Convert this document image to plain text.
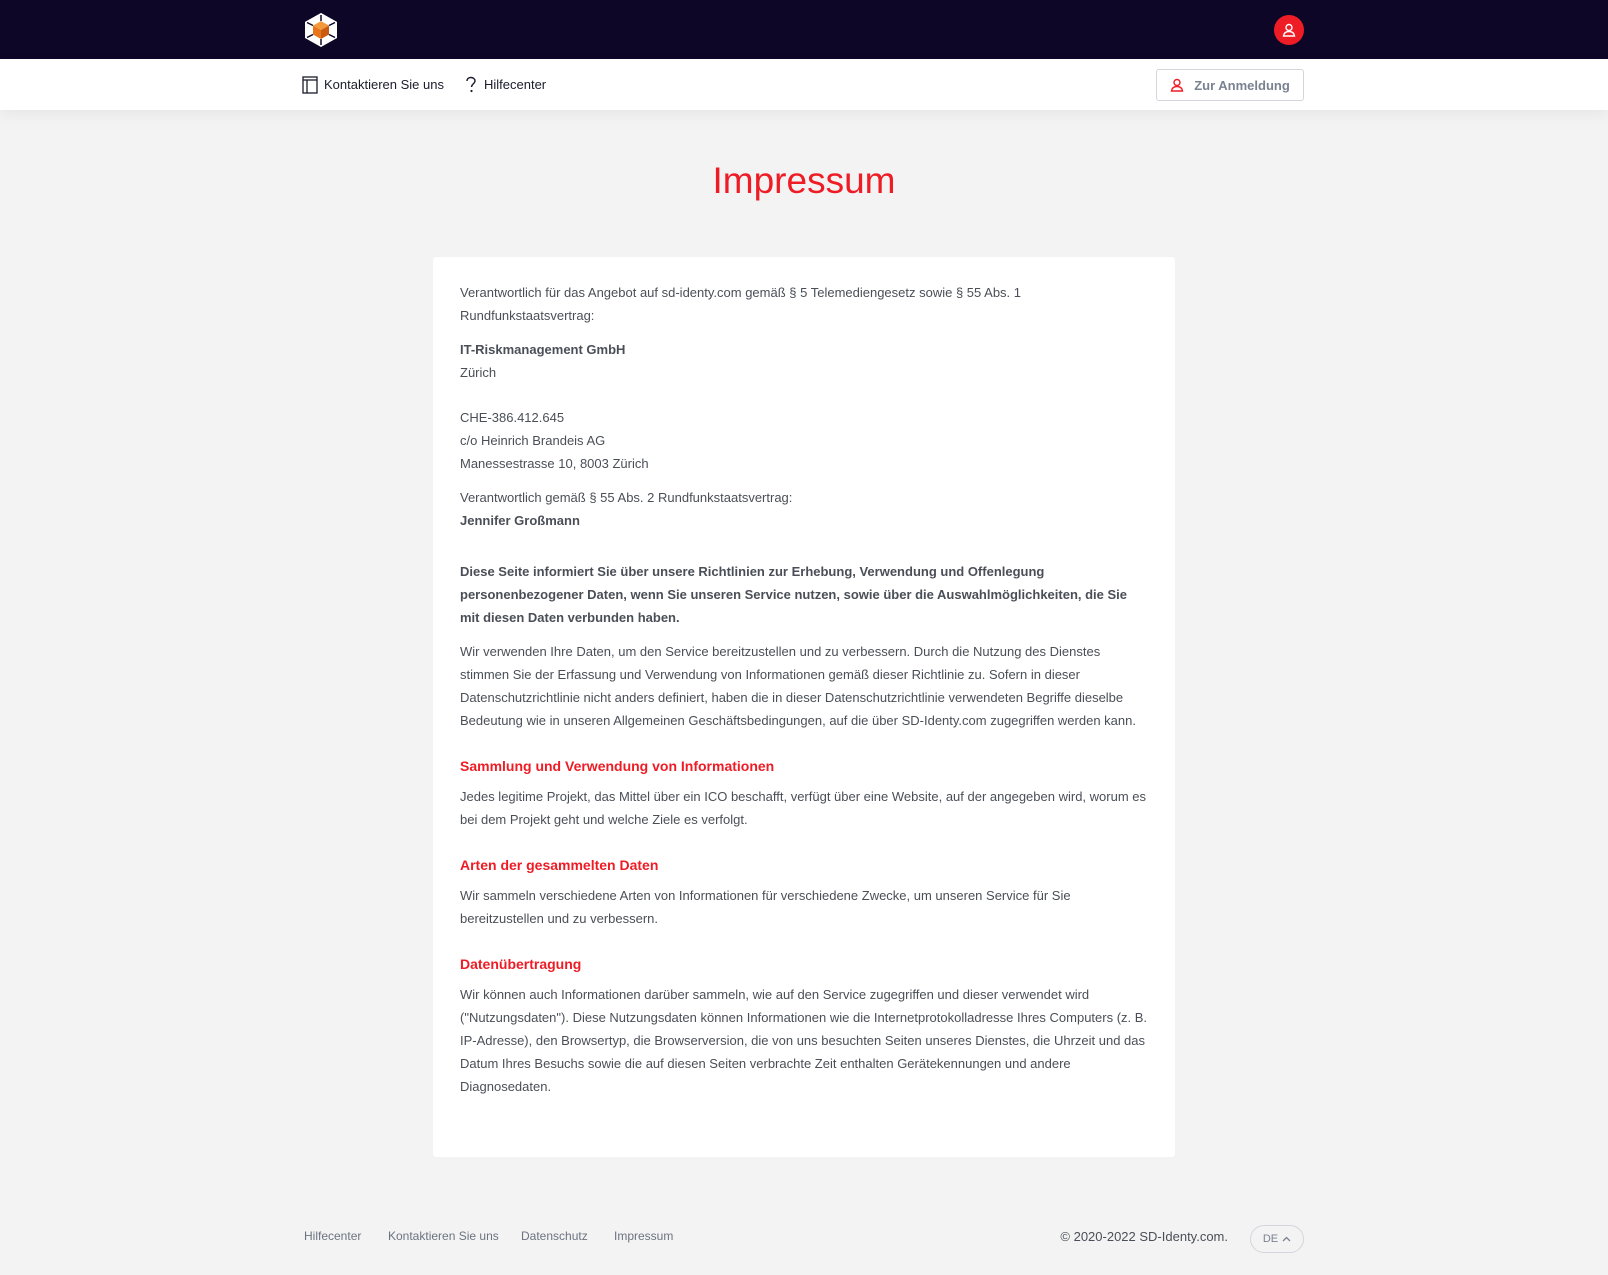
Kontaktieren Sie uns	Hilfecenter	Zur Anmeldung
Impressum

Verantwortlich für das Angebot auf sd-identy.com gemäß § 5 Telemediengesetz sowie § 55 Abs. 1 Rundfunkstaatsvertrag:

IT-Riskmanagement GmbH
Zürich
CHE-386.412.645
c/o Heinrich Brandeis AG
Manessestrasse 10, 8003 Zürich
Verantwortlich gemäß § 55 Abs. 2 Rundfunkstaatsvertrag:
Jennifer Großmann

Diese Seite informiert Sie über unsere Richtlinien zur Erhebung, Verwendung und Offenlegung personenbezogener Daten, wenn Sie unseren Service nutzen, sowie über die Auswahlmöglichkeiten, die Sie mit diesen Daten verbunden haben.

Wir verwenden Ihre Daten, um den Service bereitzustellen und zu verbessern. Durch die Nutzung des Dienstes stimmen Sie der Erfassung und Verwendung von Informationen gemäß dieser Richtlinie zu. Sofern in dieser Datenschutzrichtlinie nicht anders definiert, haben die in dieser Datenschutzrichtlinie verwendeten Begriffe dieselbe Bedeutung wie in unseren Allgemeinen Geschäftsbedingungen, auf die über SD-Identy.com zugegriffen werden kann.

Sammlung und Verwendung von Informationen

Jedes legitime Projekt, das Mittel über ein ICO beschafft, verfügt über eine Website, auf der angegeben wird, worum es bei dem Projekt geht und welche Ziele es verfolgt.

Arten der gesammelten Daten

Wir sammeln verschiedene Arten von Informationen für verschiedene Zwecke, um unseren Service für Sie bereitzustellen und zu verbessern.

Datenübertragung

Wir können auch Informationen darüber sammeln, wie auf den Service zugegriffen und dieser verwendet wird ("Nutzungsdaten"). Diese Nutzungsdaten können Informationen wie die Internetprotokolladresse Ihres Computers (z. B. IP-Adresse), den Browsertyp, die Browserversion, die von uns besuchten Seiten unseres Dienstes, die Uhrzeit und das Datum Ihres Besuchs sowie die auf diesen Seiten verbrachte Zeit enthalten Gerätekennungen und andere Diagnosedaten.

Hilfecenter Kontaktieren Sie uns Datenschutz Impressum	© 2020-2022 SD-Identy.com.	DE
